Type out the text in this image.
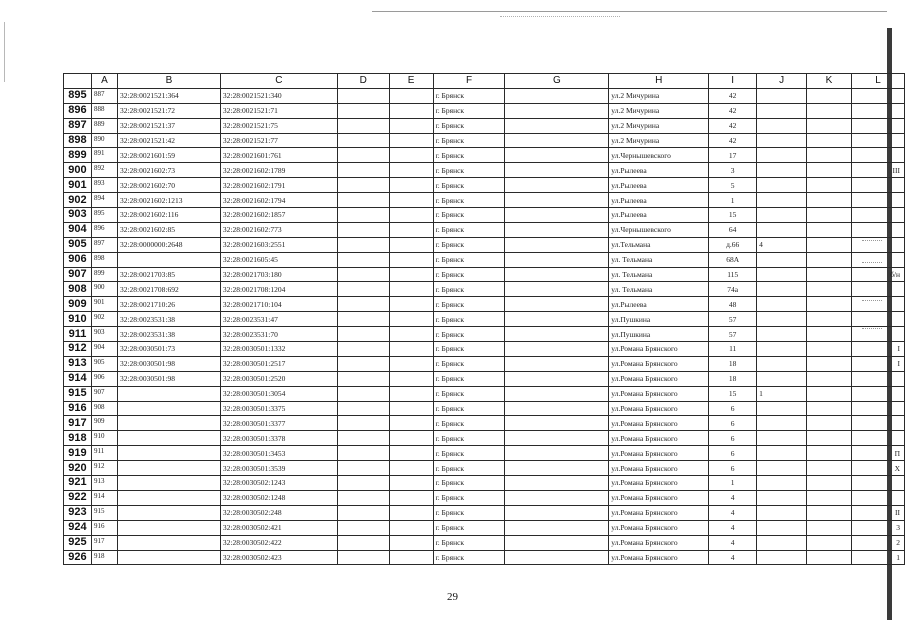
	A	B	C	D	E	F	G	H	I	J	K	L
895	887	32:28:0021521:364	32:28:0021521:340			г. Брянск		ул.2 Мичурина	42			
896	888	32:28:0021521:72	32:28:0021521:71			г. Брянск		ул.2 Мичурина	42			
897	889	32:28:0021521:37	32:28:0021521:75			г. Брянск		ул.2 Мичурина	42			
898	890	32:28:0021521:42	32:28:0021521:77			г. Брянск		ул.2 Мичурина	42			
899	891	32:28:0021601:59	32:28:0021601:761			г. Брянск		ул.Чернышевского	17			
900	892	32:28:0021602:73	32:28:0021602:1789			г. Брянск		ул.Рылеева	3			III
901	893	32:28:0021602:70	32:28:0021602:1791			г. Брянск		ул.Рылеева	5			
902	894	32:28:0021602:1213	32:28:0021602:1794			г. Брянск		ул.Рылеева	1			
903	895	32:28:0021602:116	32:28:0021602:1857			г. Брянск		ул.Рылеева	15			
904	896	32:28:0021602:85	32:28:0021602:773			г. Брянск		ул.Чернышевского	64			
905	897	32:28:0000000:2648	32:28:0021603:2551			г. Брянск		ул.Тельмана	д.66	4		
906	898		32:28:0021605:45			г. Брянск		ул. Тельмана	68А			
907	899	32:28:0021703:85	32:28:0021703:180			г. Брянск		ул. Тельмана	115			б/н
908	900	32:28:0021708:692	32:28:0021708:1204			г. Брянск		ул. Тельмана	74а			
909	901	32:28:0021710:26	32:28:0021710:104			г. Брянск		ул.Рылеева	48			
910	902	32:28:0023531:38	32:28:0023531:47			г. Брянск		ул.Пушкина	57			
911	903	32:28:0023531:38	32:28:0023531:70			г. Брянск		ул.Пушкина	57			
912	904	32:28:0030501:73	32:28:0030501:1332			г. Брянск		ул.Романа Брянского	11			I
913	905	32:28:0030501:98	32:28:0030501:2517			г. Брянск		ул.Романа Брянского	18			I
914	906	32:28:0030501:98	32:28:0030501:2520			г. Брянск		ул.Романа Брянского	18			
915	907		32:28:0030501:3054			г. Брянск		ул.Романа Брянского	15	1		
916	908		32:28:0030501:3375			г. Брянск		ул.Романа Брянского	6			
917	909		32:28:0030501:3377			г. Брянск		ул.Романа Брянского	6			
918	910		32:28:0030501:3378			г. Брянск		ул.Романа Брянского	6			
919	911		32:28:0030501:3453			г. Брянск		ул.Романа Брянского	6			П
920	912		32:28:0030501:3539			г. Брянск		ул.Романа Брянского	6			X
921	913		32:28:0030502:1243			г. Брянск		ул.Романа Брянского	1			
922	914		32:28:0030502:1248			г. Брянск		ул.Романа Брянского	4			
923	915		32:28:0030502:248			г. Брянск		ул.Романа Брянского	4			II
924	916		32:28:0030502:421			г. Брянск		ул.Романа Брянского	4			3
925	917		32:28:0030502:422			г. Брянск		ул.Романа Брянского	4			2
926	918		32:28:0030502:423			г. Брянск		ул.Романа Брянского	4			1
29
